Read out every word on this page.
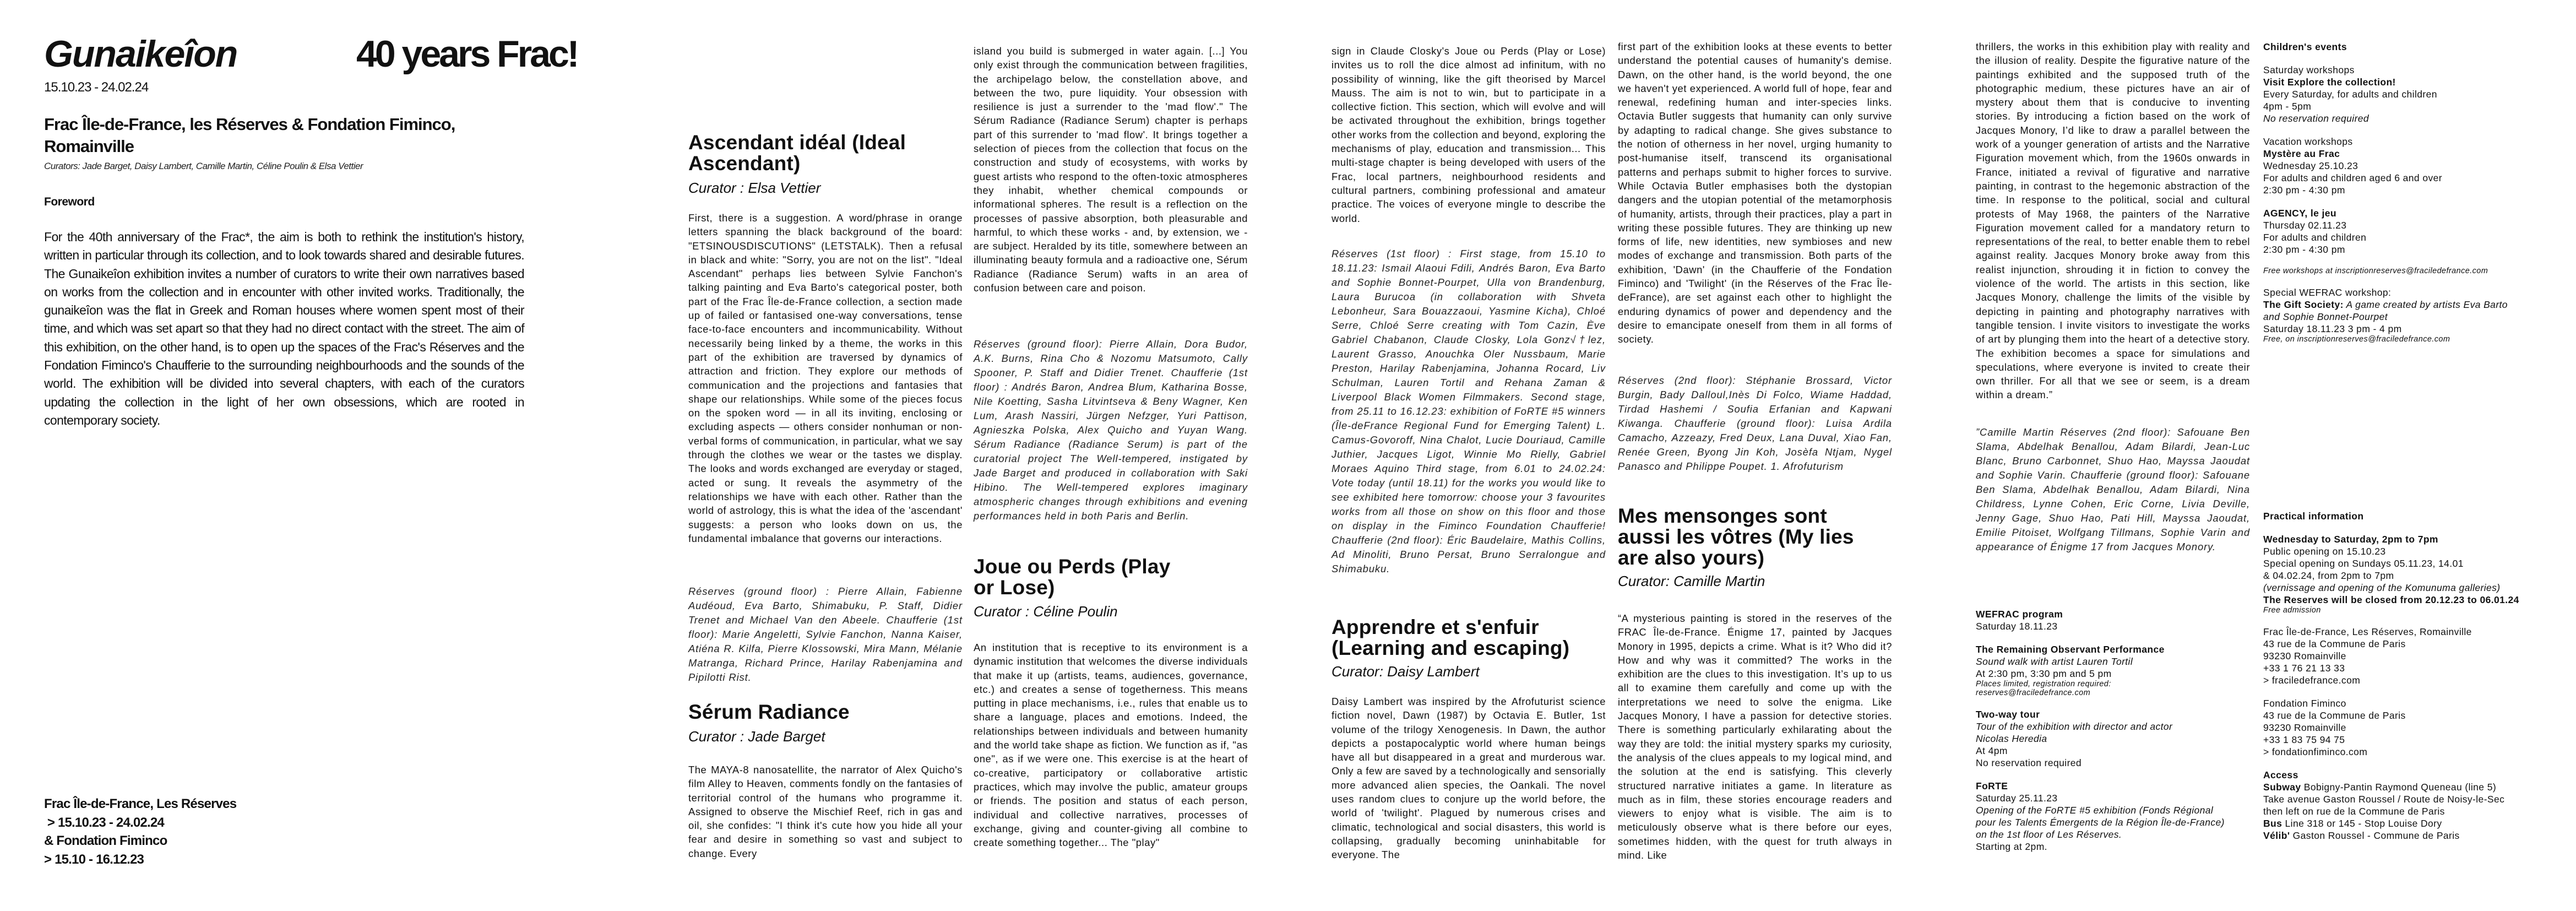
Gunaikeîon	40 years Frac!
15.10.23 - 24.02.24
Frac Île-de-France, les Réserves & Fondation Fiminco, Romainville
Curators: Jade Barget, Daisy Lambert, Camille Martin, Céline Poulin & Elsa Vettier
Foreword
For the 40th anniversary of the Frac*, the aim is both to rethink the institution's history, written in particular through its collection, and to look towards shared and desirable futures. The Gunaikeîon exhibition invites a number of curators to write their own narratives based on works from the collection and in encounter with other invited works. Traditionally, the gunaikeîon was the flat in Greek and Roman houses where women spent most of their time, and which was set apart so that they had no direct contact with the street. The aim of this exhibition, on the other hand, is to open up the spaces of the Frac's Réserves and the Fondation Fiminco's Chaufferie to the surrounding neighbourhoods and the sounds of the world. The exhibition will be divided into several chapters, with each of the curators updating the collection in the light of her own obsessions, which are rooted in contemporary society.
Frac Île-de-France, Les Réserves
> 15.10.23 - 24.02.24
& Fondation Fiminco
> 15.10 - 16.12.23
Ascendant idéal (Ideal Ascendant)
Curator : Elsa Vettier
First, there is a suggestion. A word/phrase in orange letters spanning the black background of the board: "ETSINOUSDISCUTIONS" (LETSTALK). Then a refusal in black and white: "Sorry, you are not on the list". "Ideal Ascendant" perhaps lies between Sylvie Fanchon's talking painting and Eva Barto's categorical poster, both part of the Frac Île-de-France collection, a section made up of failed or fantasised one-way conversations, tense face-to-face encounters and incommunicability. Without necessarily being linked by a theme, the works in this part of the exhibition are traversed by dynamics of attraction and friction. They explore our methods of communication and the projections and fantasies that shape our relationships. While some of the pieces focus on the spoken word — in all its inviting, enclosing or excluding aspects — others consider nonhuman or non-verbal forms of communication, in particular, what we say through the clothes we wear or the tastes we display. The looks and words exchanged are everyday or staged, acted or sung. It reveals the asymmetry of the relationships we have with each other. Rather than the world of astrology, this is what the idea of the 'ascendant' suggests: a person who looks down on us, the fundamental imbalance that governs our interactions.
Réserves (ground floor) : Pierre Allain, Fabienne Audéoud, Eva Barto, Shimabuku, P. Staff, Didier Trenet and Michael Van den Abeele. Chaufferie (1st floor): Marie Angeletti, Sylvie Fanchon, Nanna Kaiser, Atiéna R. Kilfa, Pierre Klossowski, Mira Mann, Mélanie Matranga, Richard Prince, Harilay Rabenjamina and Pipilotti Rist.
Sérum Radiance
Curator : Jade Barget
The MAYA-8 nanosatellite, the narrator of Alex Quicho's film Alley to Heaven, comments fondly on the fantasies of territorial control of the humans who programme it. Assigned to observe the Mischief Reef, rich in gas and oil, she confides: "I think it's cute how you hide all your fear and desire in something so vast and subject to change. Every
island you build is submerged in water again. [...] You only exist through the communication between fragilities, the archipelago below, the constellation above, and between the two, pure liquidity. Your obsession with resilience is just a surrender to the 'mad flow'." The Sérum Radiance (Radiance Serum) chapter is perhaps part of this surrender to 'mad flow'. It brings together a selection of pieces from the collection that focus on the construction and study of ecosystems, with works by guest artists who respond to the often-toxic atmospheres they inhabit, whether chemical compounds or informational spheres. The result is a reflection on the processes of passive absorption, both pleasurable and harmful, to which these works - and, by extension, we - are subject. Heralded by its title, somewhere between an illuminating beauty formula and a radioactive one, Sérum Radiance (Radiance Serum) wafts in an area of confusion between care and poison.
Réserves (ground floor): Pierre Allain, Dora Budor, A.K. Burns, Rina Cho & Nozomu Matsumoto, Cally Spooner, P. Staff and Didier Trenet. Chaufferie (1st floor) : Andrés Baron, Andrea Blum, Katharina Bosse, Nile Koetting, Sasha Litvintseva & Beny Wagner, Ken Lum, Arash Nassiri, Jürgen Nefzger, Yuri Pattison, Agnieszka Polska, Alex Quicho and Yuyan Wang. Sérum Radiance (Radiance Serum) is part of the curatorial project The Well-tempered, instigated by Jade Barget and produced in collaboration with Saki Hibino. The Well-tempered explores imaginary atmospheric changes through exhibitions and evening performances held in both Paris and Berlin.
Joue ou Perds (Play or Lose)
Curator : Céline Poulin
An institution that is receptive to its environment is a dynamic institution that welcomes the diverse individuals that make it up (artists, teams, audiences, governance, etc.) and creates a sense of togetherness. This means putting in place mechanisms, i.e., rules that enable us to share a language, places and emotions. Indeed, the relationships between individuals and between humanity and the world take shape as fiction. We function as if, "as one", as if we were one. This exercise is at the heart of co-creative, participatory or collaborative artistic practices, which may involve the public, amateur groups or friends. The position and status of each person, individual and collective narratives, processes of exchange, giving and counter-giving all combine to create something together... The "play"
sign in Claude Closky's Joue ou Perds (Play or Lose) invites us to roll the dice almost ad infinitum, with no possibility of winning, like the gift theorised by Marcel Mauss. The aim is not to win, but to participate in a collective fiction. This section, which will evolve and will be activated throughout the exhibition, brings together other works from the collection and beyond, exploring the mechanisms of play, education and transmission... This multi-stage chapter is being developed with users of the Frac, local partners, neighbourhood residents and cultural partners, combining professional and amateur practice. The voices of everyone mingle to describe the world.
Réserves (1st floor) : First stage, from 15.10 to 18.11.23: Ismail Alaoui Fdili, Andrés Baron, Eva Barto and Sophie Bonnet-Pourpet, Ulla von Brandenburg, Laura Burucoa (in collaboration with Shveta Lebonheur, Sara Bouazzaoui, Yasmine Kicha), Chloé Serre, Chloé Serre creating with Tom Cazin, Ève Gabriel Chabanon, Claude Closky, Lola Gonz√†lez, Laurent Grasso, Anouchka Oler Nussbaum, Marie Preston, Harilay Rabenjamina, Johanna Rocard, Liv Schulman, Lauren Tortil and Rehana Zaman & Liverpool Black Women Filmmakers. Second stage, from 25.11 to 16.12.23: exhibition of FoRTE #5 winners (Île-deFrance Regional Fund for Emerging Talent) L. Camus-Govoroff, Nina Chalot, Lucie Douriaud, Camille Juthier, Jacques Ligot, Winnie Mo Rielly, Gabriel Moraes Aquino Third stage, from 6.01 to 24.02.24: Vote today (until 18.11) for the works you would like to see exhibited here tomorrow: choose your 3 favourites works from all those on show on this floor and those on display in the Fiminco Foundation Chaufferie! Chaufferie (2nd floor): Éric Baudelaire, Mathis Collins, Ad Minoliti, Bruno Persat, Bruno Serralongue and Shimabuku.
Apprendre et s'enfuir (Learning and escaping)
Curator: Daisy Lambert
Daisy Lambert was inspired by the Afrofuturist science fiction novel, Dawn (1987) by Octavia E. Butler, 1st volume of the trilogy Xenogenesis. In Dawn, the author depicts a postapocalyptic world where human beings have all but disappeared in a great and murderous war. Only a few are saved by a technologically and sensorially more advanced alien species, the Oankali. The novel uses random clues to conjure up the world before, the world of 'twilight'. Plagued by numerous crises and climatic, technological and social disasters, this world is collapsing, gradually becoming uninhabitable for everyone. The
first part of the exhibition looks at these events to better understand the potential causes of humanity's demise. Dawn, on the other hand, is the world beyond, the one we haven't yet experienced. A world full of hope, fear and renewal, redefining human and inter-species links. Octavia Butler suggests that humanity can only survive by adapting to radical change. She gives substance to the notion of otherness in her novel, urging humanity to post-humanise itself, transcend its organisational patterns and perhaps submit to higher forces to survive. While Octavia Butler emphasises both the dystopian dangers and the utopian potential of the metamorphosis of humanity, artists, through their practices, play a part in writing these possible futures. They are thinking up new forms of life, new identities, new symbioses and new modes of exchange and transmission. Both parts of the exhibition, 'Dawn' (in the Chaufferie of the Fondation Fiminco) and 'Twilight' (in the Réserves of the Frac Île-deFrance), are set against each other to highlight the enduring dynamics of power and dependency and the desire to emancipate oneself from them in all forms of society.
Réserves (2nd floor): Stéphanie Brossard, Victor Burgin, Bady Dalloul,Inès Di Folco, Wiame Haddad, Tirdad Hashemi / Soufia Erfanian and Kapwani Kiwanga. Chaufferie (ground floor): Luisa Ardila Camacho, Azzeazy, Fred Deux, Lana Duval, Xiao Fan, Renée Green, Byong Jin Koh, Josèfa Ntjam, Nygel Panasco and Philippe Poupet. 1. Afrofuturism
Mes mensonges sont aussi les vôtres (My lies are also yours)
Curator: Camille Martin
“A mysterious painting is stored in the reserves of the FRAC Île-de-France. Énigme 17, painted by Jacques Monory in 1995, depicts a crime. What is it? Who did it? How and why was it committed? The works in the exhibition are the clues to this investigation. It’s up to us all to examine them carefully and come up with the interpretations we need to solve the enigma. Like Jacques Monory, I have a passion for detective stories. There is something particularly exhilarating about the way they are told: the initial mystery sparks my curiosity, the analysis of the clues appeals to my logical mind, and the solution at the end is satisfying. This cleverly structured narrative initiates a game. In literature as much as in film, these stories encourage readers and viewers to enjoy what is visible. The aim is to meticulously observe what is there before our eyes, sometimes hidden, with the quest for truth always in mind. Like
thrillers, the works in this exhibition play with reality and the illusion of reality. Despite the figurative nature of the paintings exhibited and the supposed truth of the photographic medium, these pictures have an air of mystery about them that is conducive to inventing stories. By introducing a fiction based on the work of Jacques Monory, I’d like to draw a parallel between the work of a younger generation of artists and the Narrative Figuration movement which, from the 1960s onwards in France, initiated a revival of figurative and narrative painting, in contrast to the hegemonic abstraction of the time. In response to the political, social and cultural protests of May 1968, the painters of the Narrative Figuration movement called for a mandatory return to representations of the real, to better enable them to rebel against reality. Jacques Monory broke away from this realist injunction, shrouding it in fiction to convey the violence of the world. The artists in this section, like Jacques Monory, challenge the limits of the visible by depicting in painting and photography narratives with tangible tension. I invite visitors to investigate the works of art by plunging them into the heart of a detective story. The exhibition becomes a space for simulations and speculations, where everyone is invited to create their own thriller. For all that we see or seem, is a dream within a dream.”
”Camille Martin Réserves (2nd floor): Safouane Ben Slama, Abdelhak Benallou, Adam Bilardi, Jean-Luc Blanc, Bruno Carbonnet, Shuo Hao, Mayssa Jaoudat and Sophie Varin. Chaufferie (ground floor): Safouane Ben Slama, Abdelhak Benallou, Adam Bilardi, Nina Childress, Lynne Cohen, Eric Corne, Livia Deville, Jenny Gage, Shuo Hao, Pati Hill, Mayssa Jaoudat, Emilie Pitoiset, Wolfgang Tillmans, Sophie Varin and appearance of Énigme 17 from Jacques Monory.
WEFRAC program
Saturday 18.11.23
The Remaining Observant Performance
Sound walk with artist Lauren Tortil
At 2:30 pm, 3:30 pm and 5 pm
Places limited, registration required:
reserves@fraciledefrance.com
Two-way tour
Tour of the exhibition with director and actor
Nicolas Heredia
At 4pm
No reservation required
FoRTE
Saturday 25.11.23
Opening of the FoRTE #5 exhibition (Fonds Régional
pour les Talents Émergents de la Région Île-de-France)
on the 1st floor of Les Réserves.
Starting at 2pm.
Children's events
Saturday workshops
Visit Explore the collection!
Every Saturday, for adults and children
4pm - 5pm
No reservation required
Vacation workshops
Mystère au Frac
Wednesday 25.10.23
For adults and children aged 6 and over
2:30 pm - 4:30 pm
AGENCY, le jeu
Thursday 02.11.23
For adults and children
2:30 pm - 4:30 pm
Free workshops at inscriptionreserves@fraciledefrance.com
Special WEFRAC workshop:
The Gift Society: A game created by artists Eva Barto
and Sophie Bonnet-Pourpet
Saturday 18.11.23 3 pm - 4 pm
Free, on inscriptionreserves@fraciledefrance.com
Practical information
Wednesday to Saturday, 2pm to 7pm
Public opening on 15.10.23
Special opening on Sundays 05.11.23, 14.01
& 04.02.24, from 2pm to 7pm
(vernissage and opening of the Komunuma galleries)
The Reserves will be closed from 20.12.23 to 06.01.24
Free admission
Frac Île-de-France, Les Réserves, Romainville
43 rue de la Commune de Paris
93230 Romainville
+33 1 76 21 13 33
> fraciledefrance.com
Fondation Fiminco
43 rue de la Commune de Paris
93230 Romainville
+33 1 83 75 94 75
> fondationfiminco.com
Access
Subway Bobigny-Pantin Raymond Queneau (line 5)
Take avenue Gaston Roussel / Route de Noisy-le-Sec
then left on rue de la Commune de Paris
Bus Line 318 or 145 - Stop Louise Dory
Vélib' Gaston Roussel - Commune de Paris
